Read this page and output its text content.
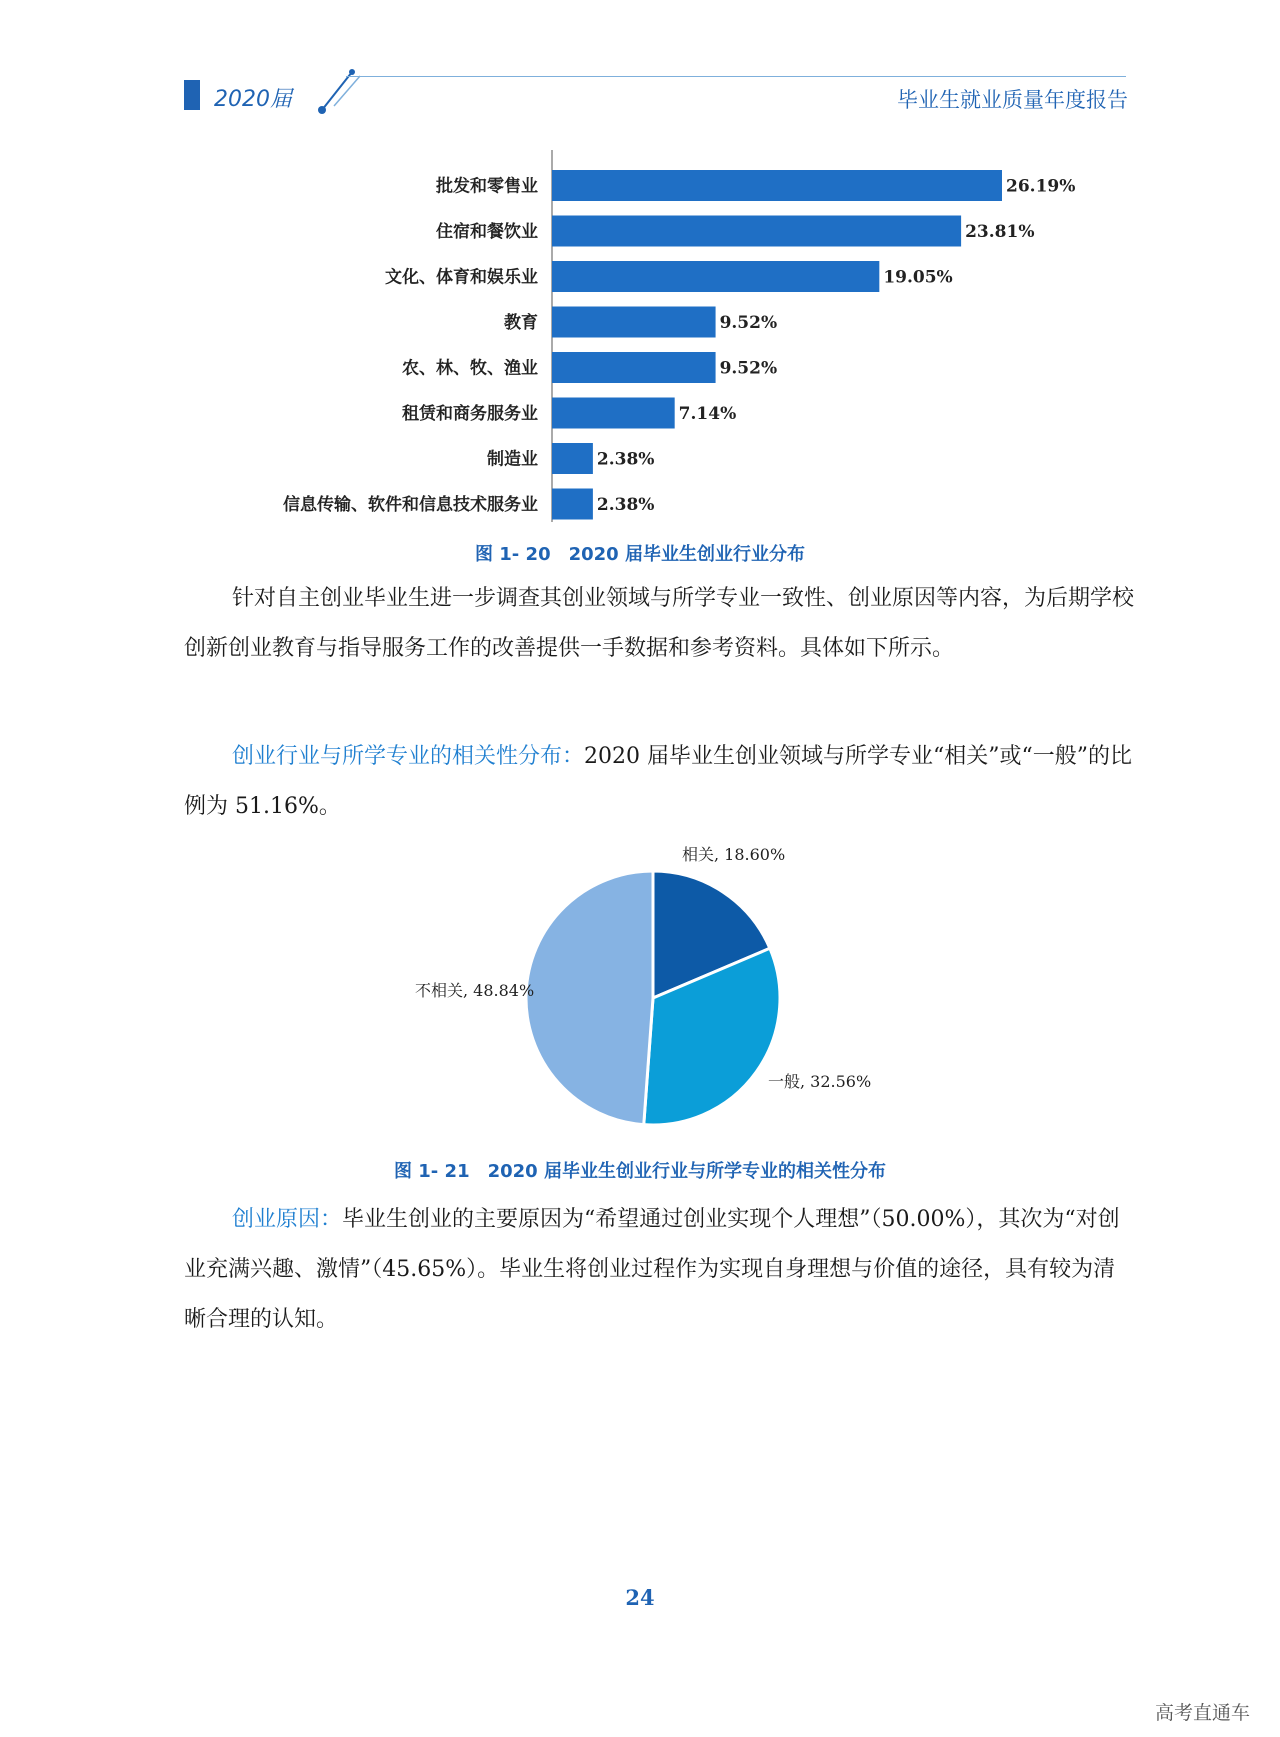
2020届	毕业生就业质量年度报告
批发和零售业	26.19%
住宿和餐饮业	23.81%
文化、体育和娱乐业	19.05%
教育	9.52%
农、林、牧、渔业	9.52%
租赁和商务服务业	7.14%
制造业	2.38%
信息传输、软件和信息技术服务业	2.38%
图 1- 20　2020 届毕业生创业行业分布
针对自主创业毕业生进一步调查其创业领域与所学专业一致性、创业原因等内容，为后期学校创新创业教育与指导服务工作的改善提供一手数据和参考资料。具体如下所示。
创业行业与所学专业的相关性分布：2020 届毕业生创业领域与所学专业“相关”或“一般”的比例为 51.16%。
相关, 18.60%
一般, 32.56%
不相关, 48.84%
图 1- 21　2020 届毕业生创业行业与所学专业的相关性分布
创业原因：毕业生创业的主要原因为“希望通过创业实现个人理想”（50.00%），其次为“对创业充满兴趣、激情”（45.65%）。毕业生将创业过程作为实现自身理想与价值的途径，具有较为清晰合理的认知。
24
高考直通车
